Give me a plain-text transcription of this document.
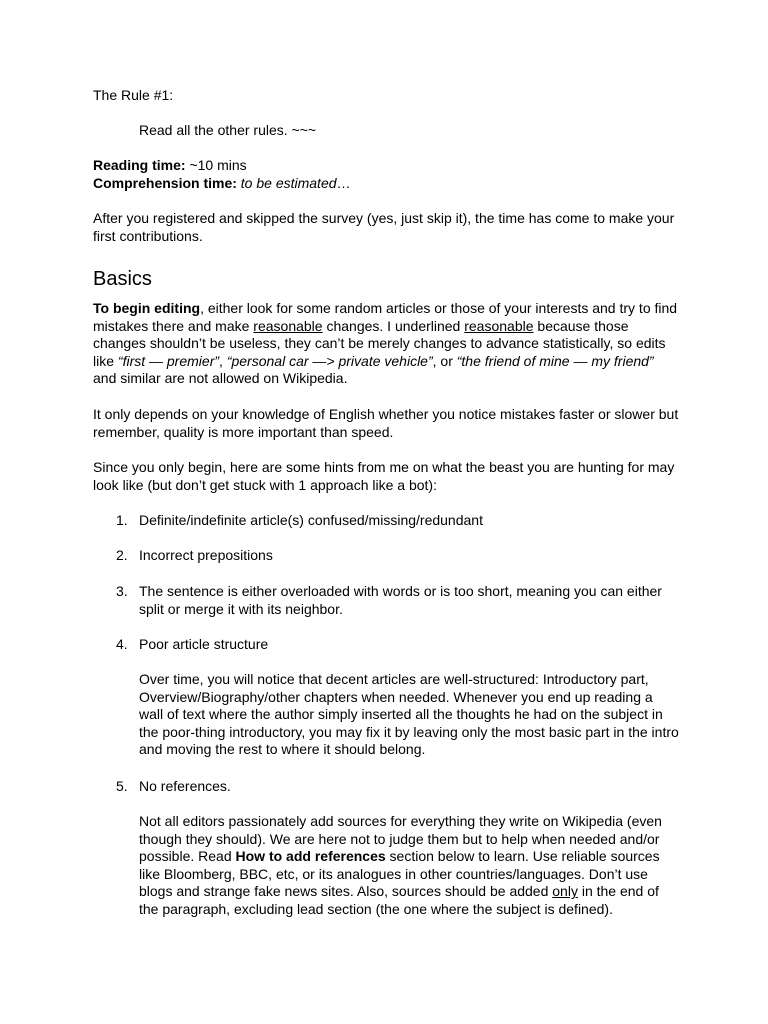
The Rule #1:
Read all the other rules. ~~~
Reading time: ~10 mins
Comprehension time: to be estimated…
After you registered and skipped the survey (yes, just skip it), the time has come to make your first contributions.
Basics
To begin editing, either look for some random articles or those of your interests and try to find mistakes there and make reasonable changes. I underlined reasonable because those changes shouldn’t be useless, they can’t be merely changes to advance statistically, so edits like “first — premier”, “personal car —> private vehicle”, or “the friend of mine — my friend” and similar are not allowed on Wikipedia.
It only depends on your knowledge of English whether you notice mistakes faster or slower but remember, quality is more important than speed.
Since you only begin, here are some hints from me on what the beast you are hunting for may look like (but don’t get stuck with 1 approach like a bot):
1. Definite/indefinite article(s) confused/missing/redundant
2. Incorrect prepositions
3. The sentence is either overloaded with words or is too short, meaning you can either split or merge it with its neighbor.
4. Poor article structure
Over time, you will notice that decent articles are well-structured: Introductory part, Overview/Biography/other chapters when needed. Whenever you end up reading a wall of text where the author simply inserted all the thoughts he had on the subject in the poor-thing introductory, you may fix it by leaving only the most basic part in the intro and moving the rest to where it should belong.
5. No references.
Not all editors passionately add sources for everything they write on Wikipedia (even though they should). We are here not to judge them but to help when needed and/or possible. Read How to add references section below to learn. Use reliable sources like Bloomberg, BBC, etc, or its analogues in other countries/languages. Don’t use blogs and strange fake news sites. Also, sources should be added only in the end of the paragraph, excluding lead section (the one where the subject is defined).
